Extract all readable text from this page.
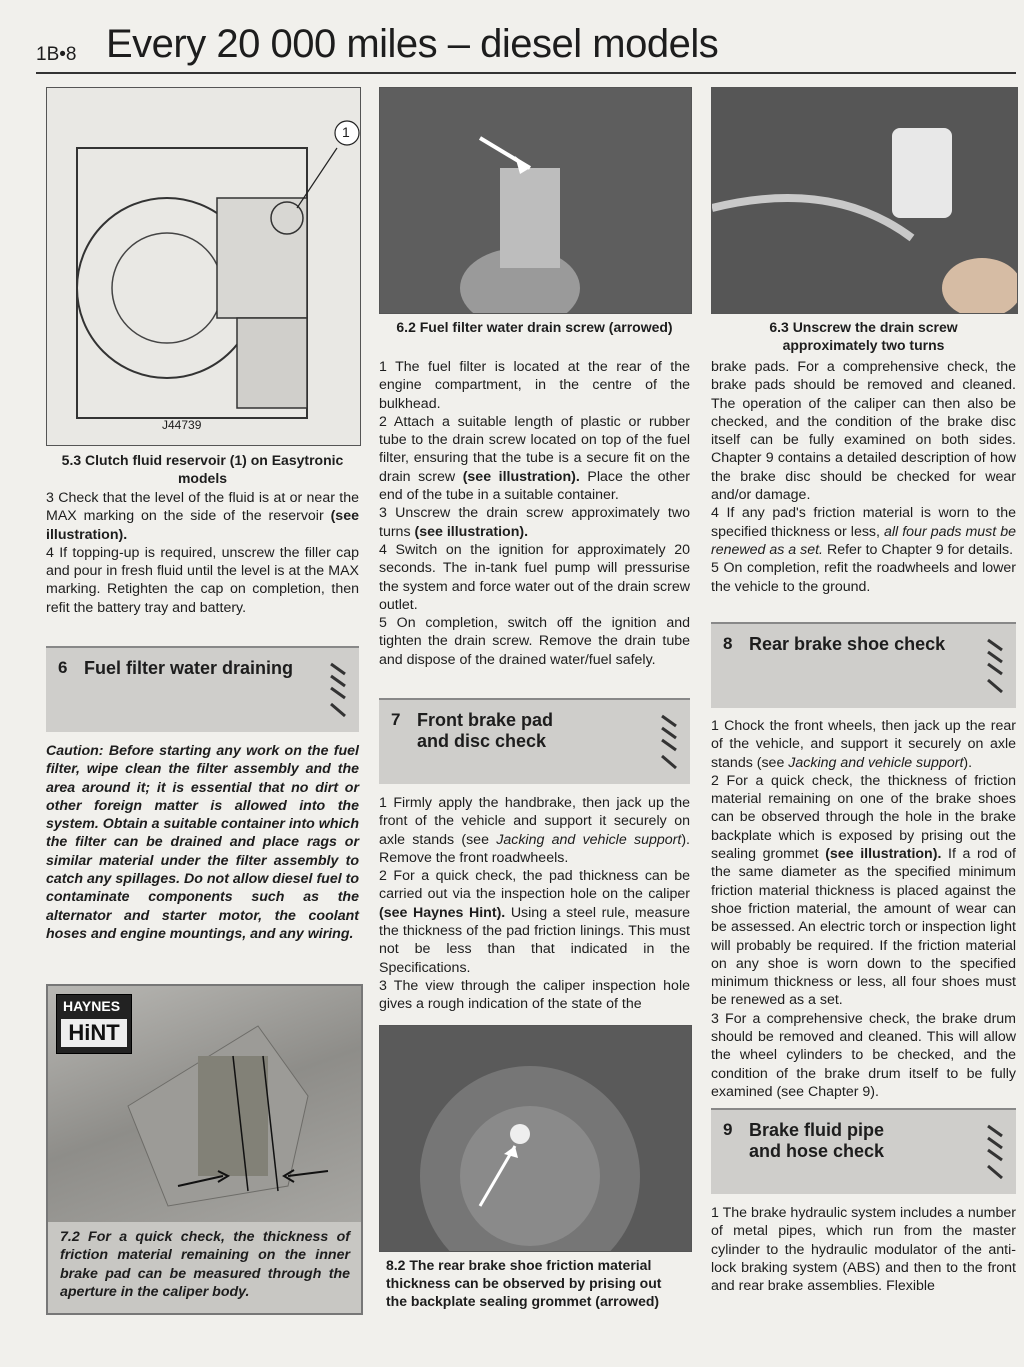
1B•8 Every 20 000 miles – diesel models
1
J44739
5.3 Clutch fluid reservoir (1) on Easytronic
models

3 Check that the level of the fluid is at or near the MAX marking on the side of the reservoir (see illustration).

4 If topping-up is required, unscrew the filler cap and pour in fresh fluid until the level is at the MAX marking. Retighten the cap on completion, then refit the battery tray and battery.

6 Fuel filter water draining
Caution: Before starting any work on the fuel filter, wipe clean the filter assembly and the area around it; it is essential that no dirt or other foreign matter is allowed into the system. Obtain a suitable container into which the filter can be drained and place rags or similar material under the filter assembly to catch any spillages. Do not allow diesel fuel to contaminate components such as the alternator and starter motor, the coolant hoses and engine mountings, and any wiring.
HAYNES
HiNT
7.2 For a quick check, the thickness of friction material remaining on the inner brake pad can be measured through the aperture in the caliper body.
6.2 Fuel filter water drain screw (arrowed)

1 The fuel filter is located at the rear of the engine compartment, in the centre of the bulkhead.

2 Attach a suitable length of plastic or rubber tube to the drain screw located on top of the fuel filter, ensuring that the tube is a secure fit on the drain screw (see illustration). Place the other end of the tube in a suitable container.

3 Unscrew the drain screw approximately two turns (see illustration).

4 Switch on the ignition for approximately 20 seconds. The in-tank fuel pump will pressurise the system and force water out of the drain screw outlet.

5 On completion, switch off the ignition and tighten the drain screw. Remove the drain tube and dispose of the drained water/fuel safely.

7 Front brake pad
and disc check

1 Firmly apply the handbrake, then jack up the front of the vehicle and support it securely on axle stands (see Jacking and vehicle support). Remove the front roadwheels.

2 For a quick check, the pad thickness can be carried out via the inspection hole on the caliper (see Haynes Hint). Using a steel rule, measure the thickness of the pad friction linings. This must not be less than that indicated in the Specifications.

3 The view through the caliper inspection hole gives a rough indication of the state of the

8.2 The rear brake shoe friction material thickness can be observed by prising out the backplate sealing grommet (arrowed)
6.3 Unscrew the drain screw
approximately two turns

brake pads. For a comprehensive check, the brake pads should be removed and cleaned. The operation of the caliper can then also be checked, and the condition of the brake disc itself can be fully examined on both sides. Chapter 9 contains a detailed description of how the brake disc should be checked for wear and/or damage.

4 If any pad's friction material is worn to the specified thickness or less, all four pads must be renewed as a set. Refer to Chapter 9 for details.

5 On completion, refit the roadwheels and lower the vehicle to the ground.

8 Rear brake shoe check

1 Chock the front wheels, then jack up the rear of the vehicle, and support it securely on axle stands (see Jacking and vehicle support).

2 For a quick check, the thickness of friction material remaining on one of the brake shoes can be observed through the hole in the brake backplate which is exposed by prising out the sealing grommet (see illustration). If a rod of the same diameter as the specified minimum friction material thickness is placed against the shoe friction material, the amount of wear can be assessed. An electric torch or inspection light will probably be required. If the friction material on any shoe is worn down to the specified minimum thickness or less, all four shoes must be renewed as a set.

3 For a comprehensive check, the brake drum should be removed and cleaned. This will allow the wheel cylinders to be checked, and the condition of the brake drum itself to be fully examined (see Chapter 9).

9 Brake fluid pipe
and hose check

1 The brake hydraulic system includes a number of metal pipes, which run from the master cylinder to the hydraulic modulator of the anti-lock braking system (ABS) and then to the front and rear brake assemblies. Flexible
